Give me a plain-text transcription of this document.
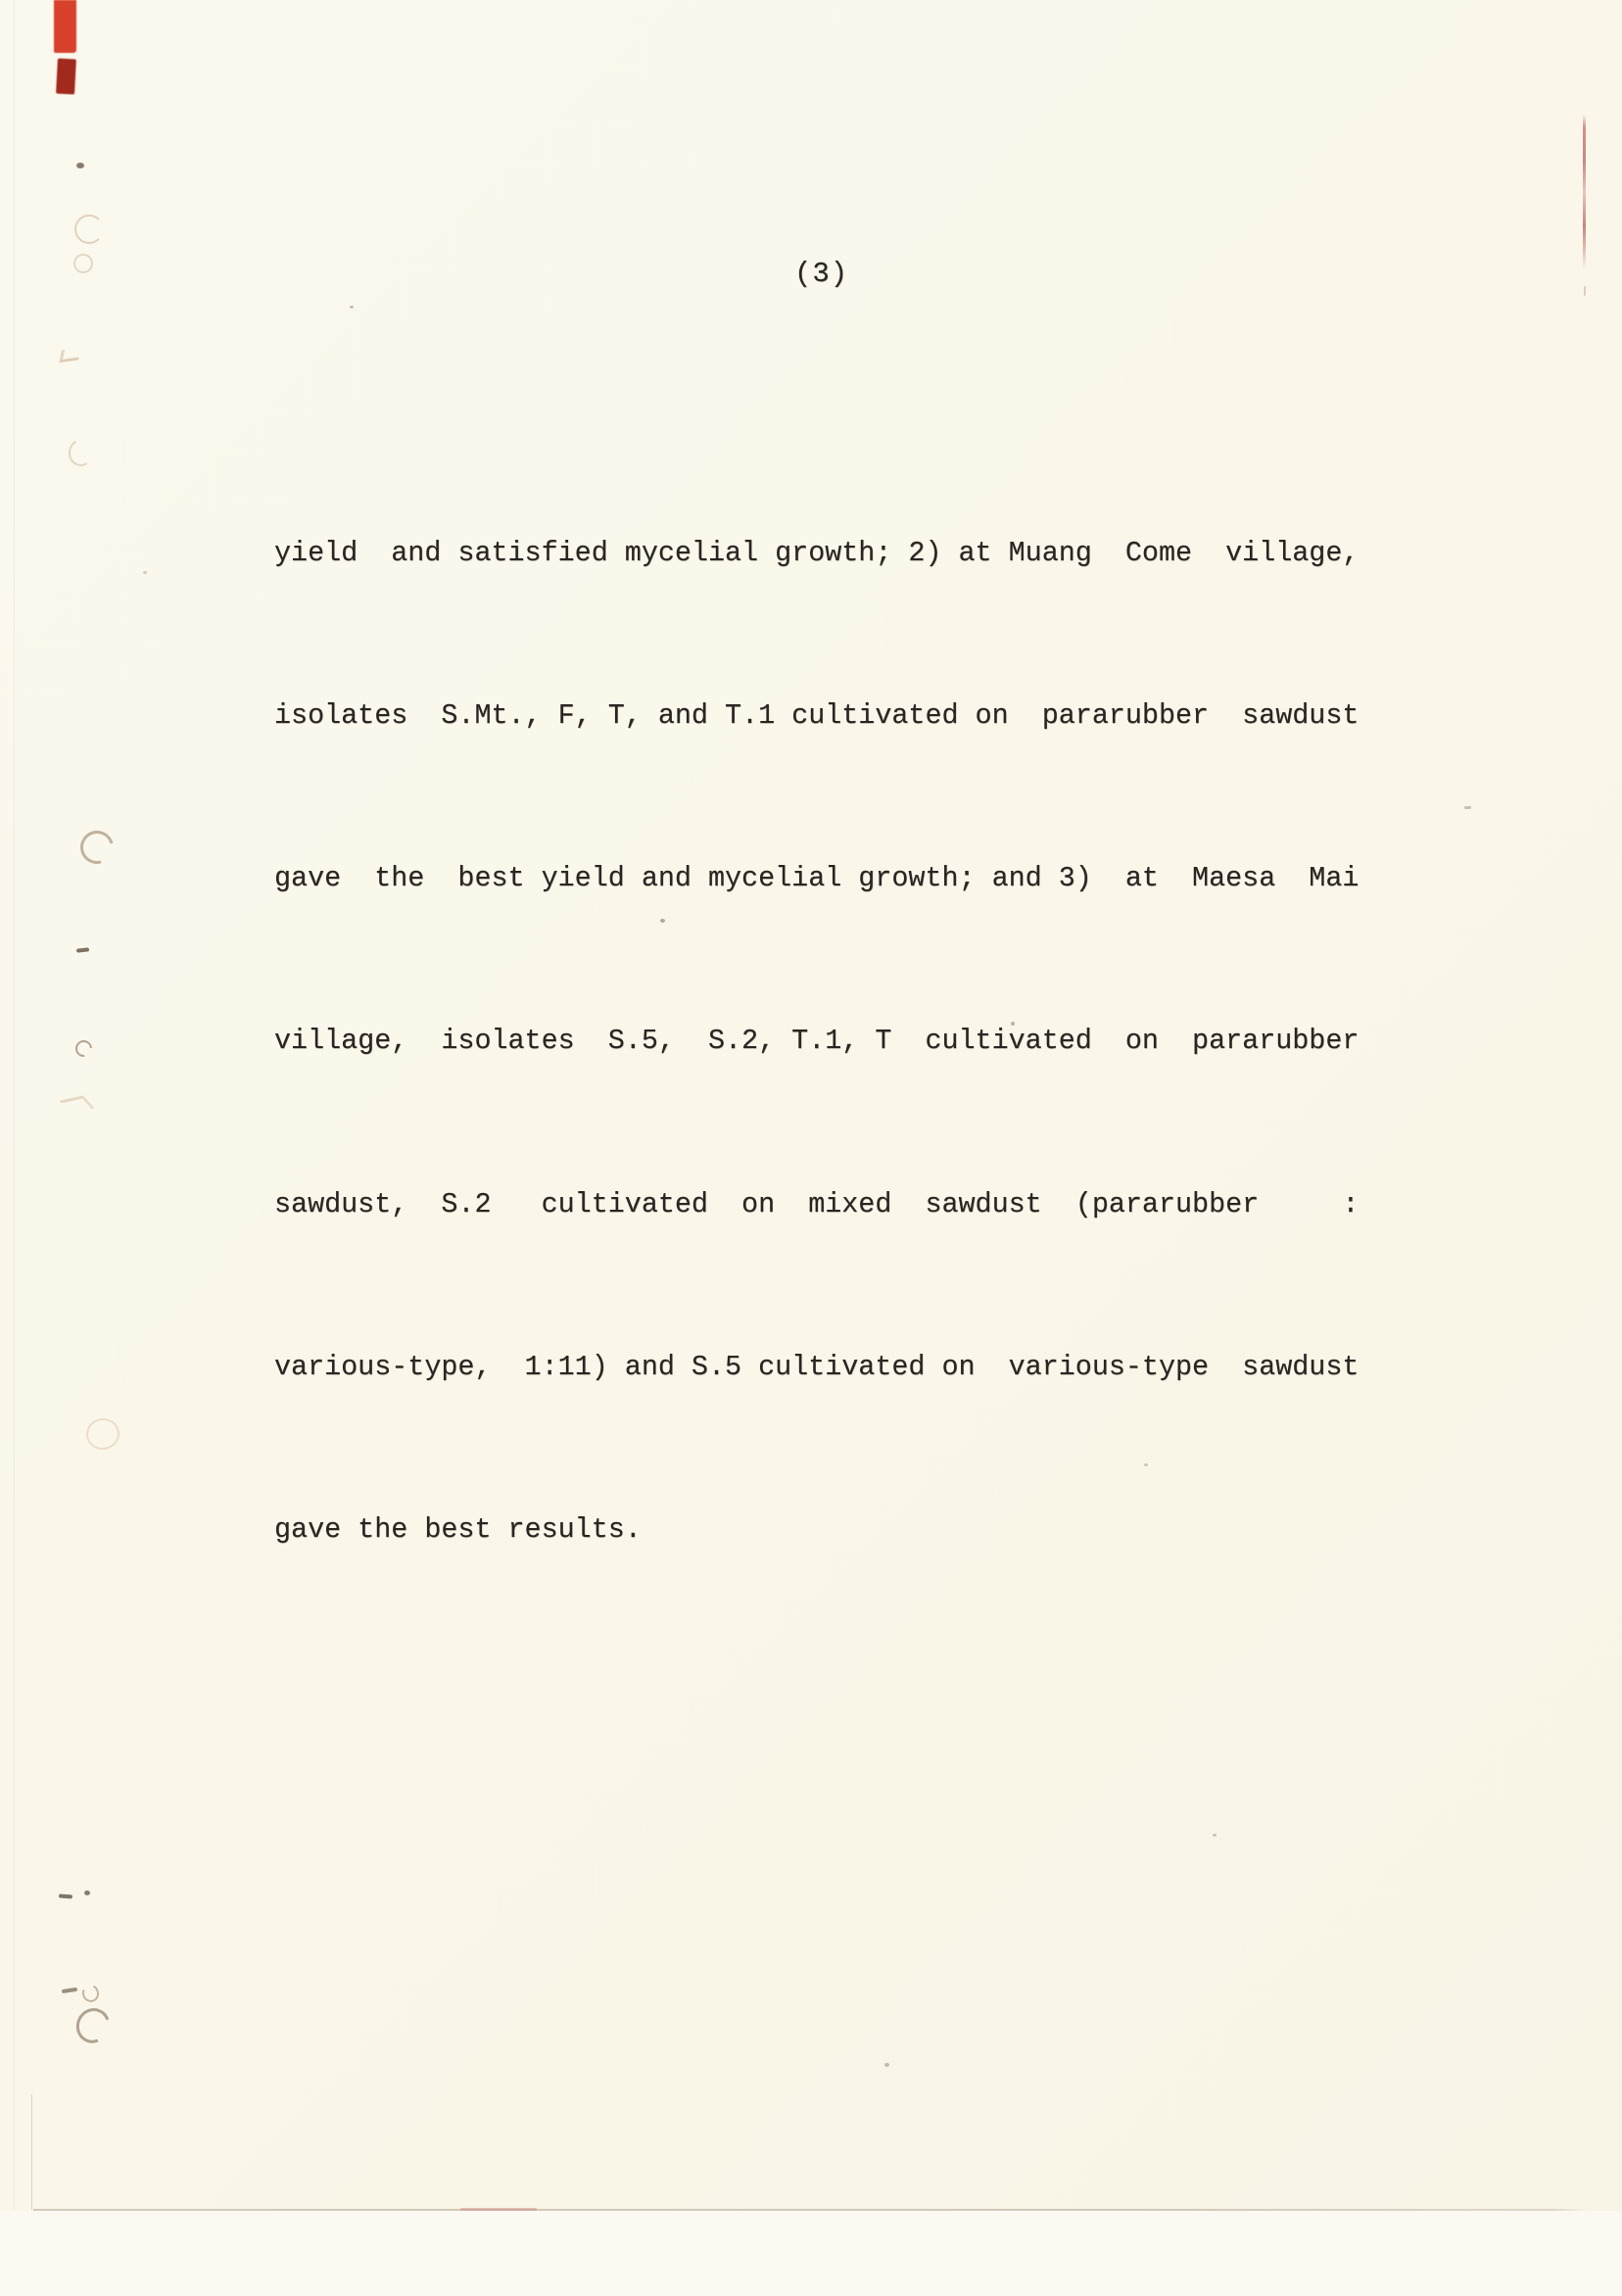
(3)

yield  and satisfied mycelial growth; 2) at Muang  Come  village,

isolates  S.Mt., F, T, and T.1 cultivated on  pararubber  sawdust

gave  the  best yield and mycelial growth; and 3)  at  Maesa  Mai

village,  isolates  S.5,  S.2, T.1, T  cultivated  on  pararubber

sawdust,  S.2   cultivated  on  mixed  sawdust  (pararubber     :

various-type,  1:11) and S.5 cultivated on  various-type  sawdust

gave the best results.
